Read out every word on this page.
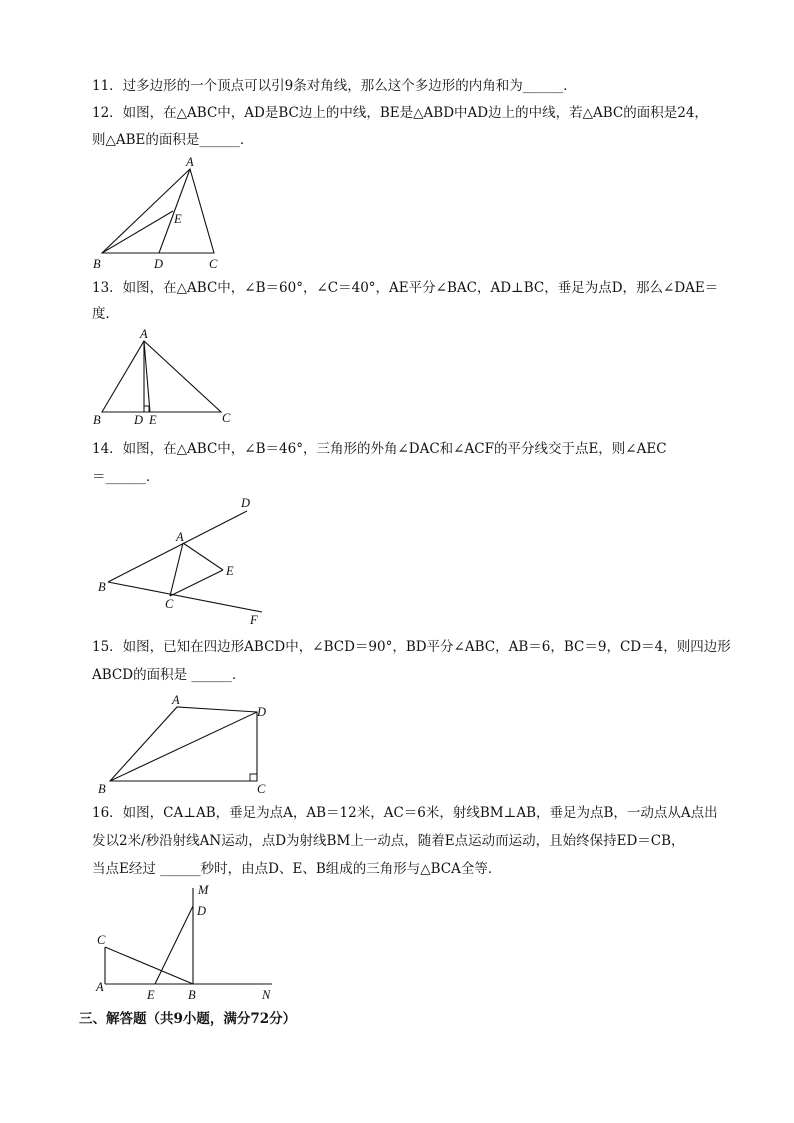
11．过多边形的一个顶点可以引9条对角线，那么这个多边形的内角和为______．
12．如图，在△ABC中，AD是BC边上的中线，BE是△ABD中AD边上的中线，若△ABC的面积是24，
则△ABE的面积是______．
A
B	C
D
E
13．如图，在△ABC中，∠B＝60°，∠C＝40°，AE平分∠BAC，AD⊥BC，垂足为点D，那么∠DAE＝
度．
A
B	C
D E
14．如图，在△ABC中，∠B＝46°，三角形的外角∠DAC和∠ACF的平分线交于点E，则∠AEC
＝______．
A
B
C
D
E
F
15．如图，已知在四边形ABCD中，∠BCD＝90°，BD平分∠ABC，AB＝6，BC＝9，CD＝4，则四边形
ABCD的面积是 ______．
A
B	C
D
16．如图，CA⊥AB，垂足为点A，AB＝12米，AC＝6米，射线BM⊥AB，垂足为点B，一动点从A点出
发以2米/秒沿射线AN运动，点D为射线BM上一动点，随着E点运动而运动，且始终保持ED＝CB，
当点E经过 ______秒时，由点D、E、B组成的三角形与△BCA全等．
A
B
C
D
E
M
N
三、解答题（共9小题，满分72分）
